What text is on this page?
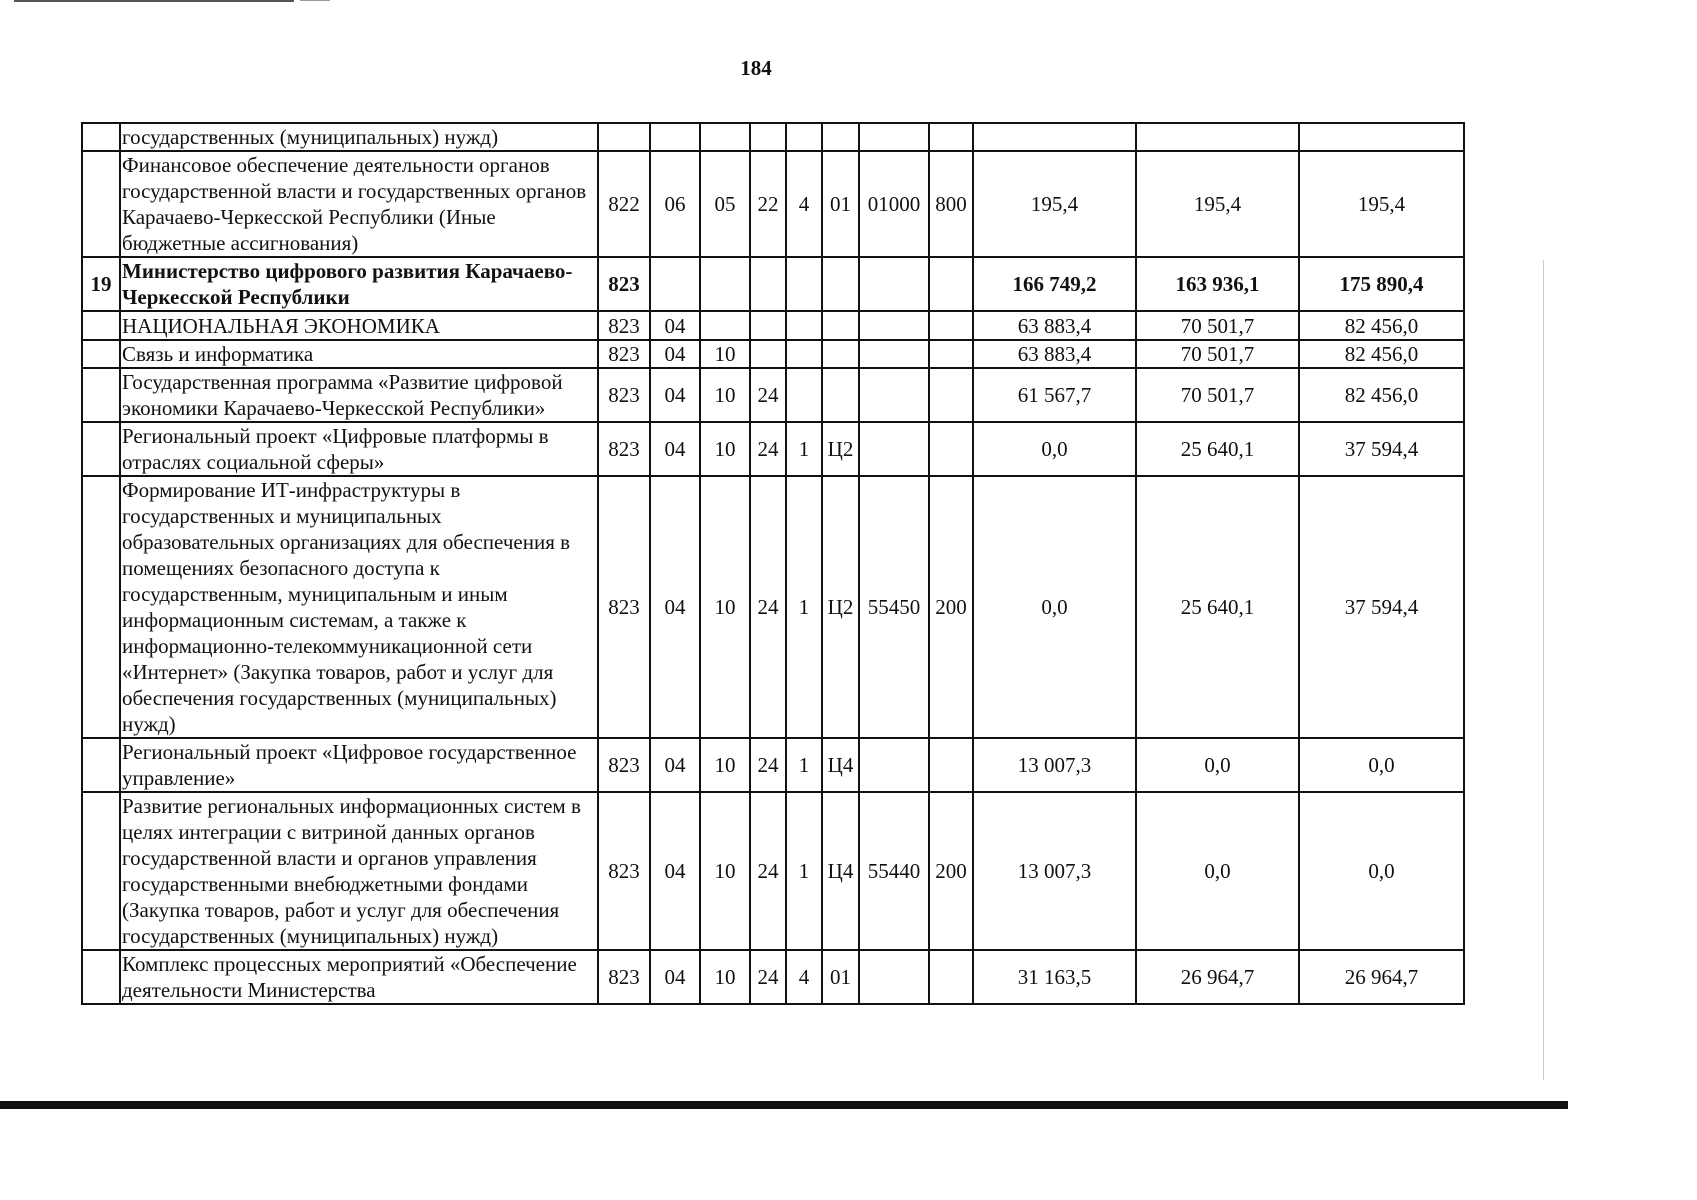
184
	государственных (муниципальных) нужд)											
	Финансовое обеспечение деятельности органов государственной власти и государственных органов Карачаево-Черкесской Республики (Иные бюджетные ассигнования)	822	06	05	22	4	01	01000	800	195,4	195,4	195,4
19	Министерство цифрового развития Карачаево-Черкесской Республики	823								166 749,2	163 936,1	175 890,4
	НАЦИОНАЛЬНАЯ ЭКОНОМИКА	823	04							63 883,4	70 501,7	82 456,0
	Связь и информатика	823	04	10						63 883,4	70 501,7	82 456,0
	Государственная программа «Развитие цифровой экономики Карачаево-Черкесской Республики»	823	04	10	24					61 567,7	70 501,7	82 456,0
	Региональный проект «Цифровые платформы в отраслях социальной сферы»	823	04	10	24	1	Ц2			0,0	25 640,1	37 594,4
	Формирование ИТ-инфраструктуры в государственных и муниципальных образовательных организациях для обеспечения в помещениях безопасного доступа к государственным, муниципальным и иным информационным системам, а также к информационно-телекоммуникационной сети «Интернет» (Закупка товаров, работ и услуг для обеспечения государственных (муниципальных) нужд)	823	04	10	24	1	Ц2	55450	200	0,0	25 640,1	37 594,4
	Региональный проект «Цифровое государственное управление»	823	04	10	24	1	Ц4			13 007,3	0,0	0,0
	Развитие региональных информационных систем в целях интеграции с витриной данных органов государственной власти и органов управления государственными внебюджетными фондами (Закупка товаров, работ и услуг для обеспечения государственных (муниципальных) нужд)	823	04	10	24	1	Ц4	55440	200	13 007,3	0,0	0,0
	Комплекс процессных мероприятий «Обеспечение деятельности Министерства	823	04	10	24	4	01			31 163,5	26 964,7	26 964,7
